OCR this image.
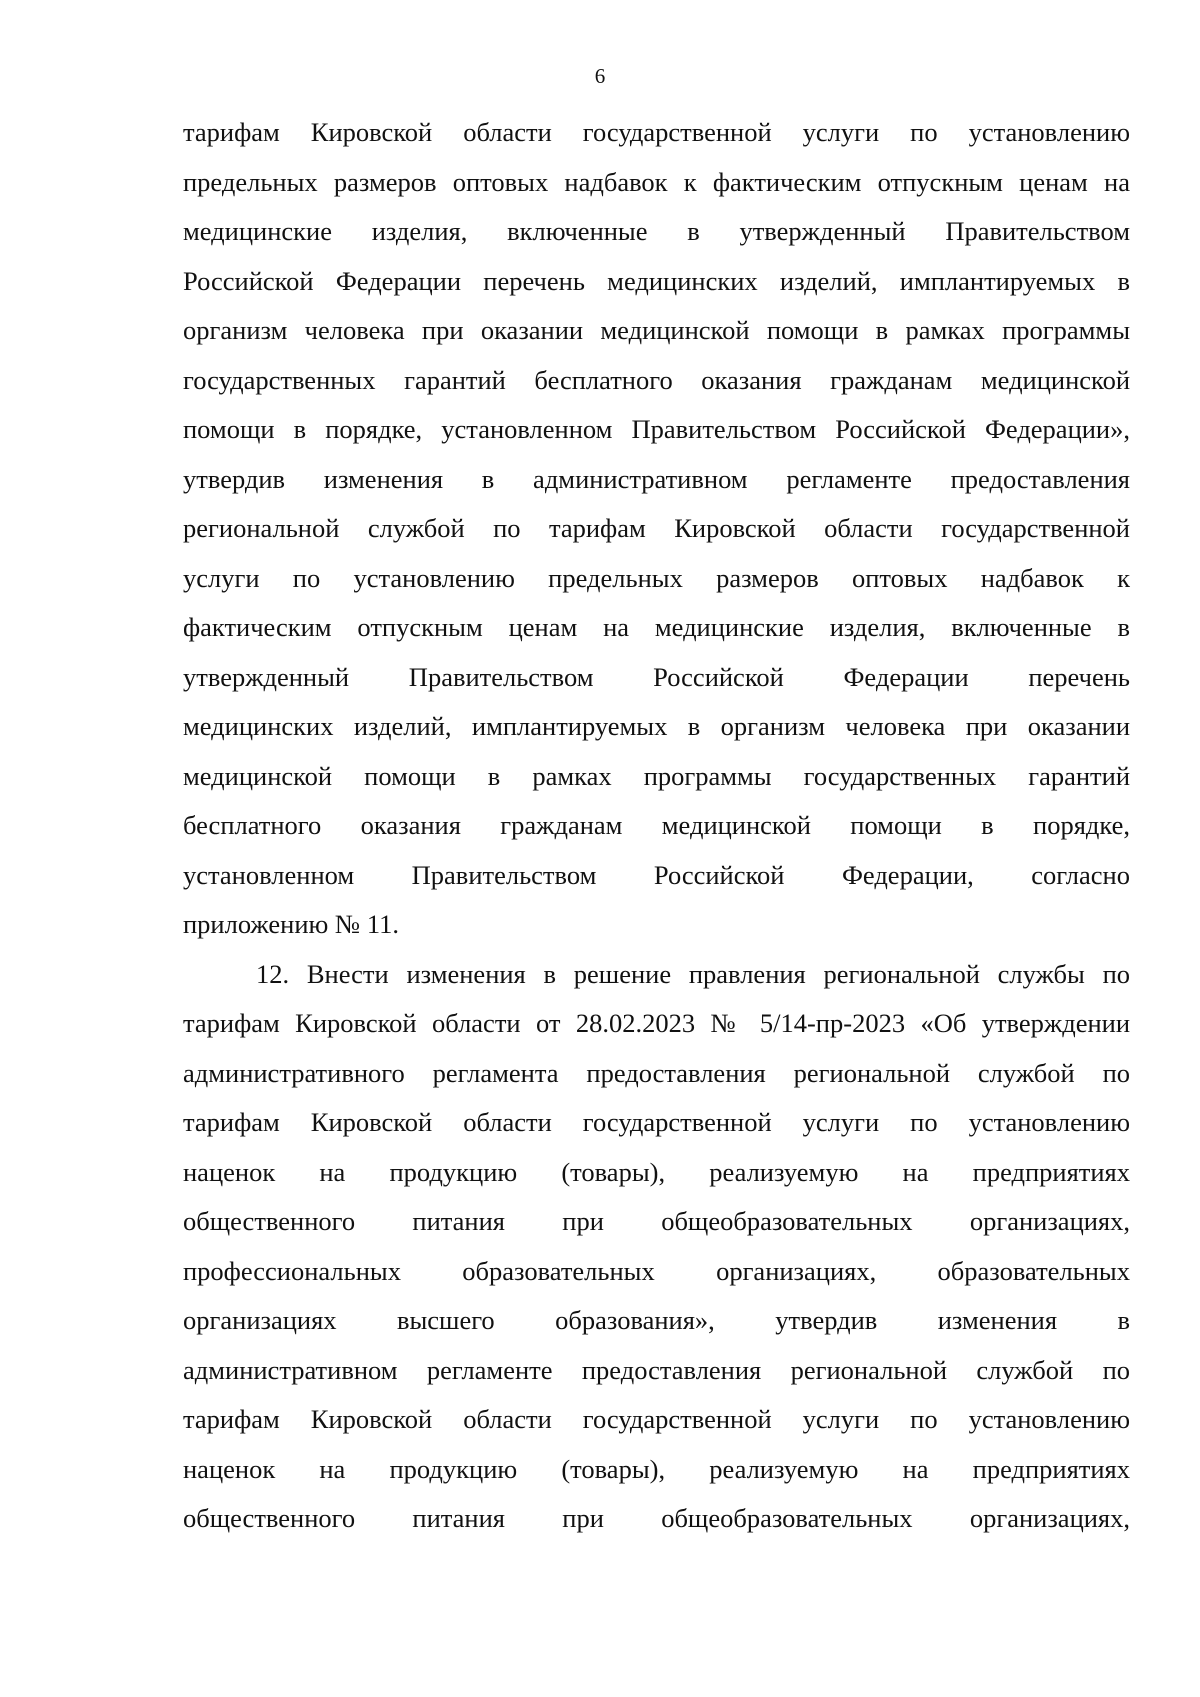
6
тарифам Кировской области государственной услуги по установлению
предельных размеров оптовых надбавок к фактическим отпускным ценам на
медицинские изделия, включенные в утвержденный Правительством
Российской Федерации перечень медицинских изделий, имплантируемых в
организм человека при оказании медицинской помощи в рамках программы
государственных гарантий бесплатного оказания гражданам медицинской
помощи в порядке, установленном Правительством Российской Федерации»,
утвердив изменения в административном регламенте предоставления
региональной службой по тарифам Кировской области государственной
услуги по установлению предельных размеров оптовых надбавок к
фактическим отпускным ценам на медицинские изделия, включенные в
утвержденный Правительством Российской Федерации перечень
медицинских изделий, имплантируемых в организм человека при оказании
медицинской помощи в рамках программы государственных гарантий
бесплатного оказания гражданам медицинской помощи в порядке,
установленном Правительством Российской Федерации, согласно
приложению № 11.
12. Внести изменения в решение правления региональной службы по
тарифам Кировской области от 28.02.2023 № 5/14-пр-2023 «Об утверждении
административного регламента предоставления региональной службой по
тарифам Кировской области государственной услуги по установлению
наценок на продукцию (товары), реализуемую на предприятиях
общественного питания при общеобразовательных организациях,
профессиональных образовательных организациях, образовательных
организациях высшего образования», утвердив изменения в
административном регламенте предоставления региональной службой по
тарифам Кировской области государственной услуги по установлению
наценок на продукцию (товары), реализуемую на предприятиях
общественного питания при общеобразовательных организациях,
